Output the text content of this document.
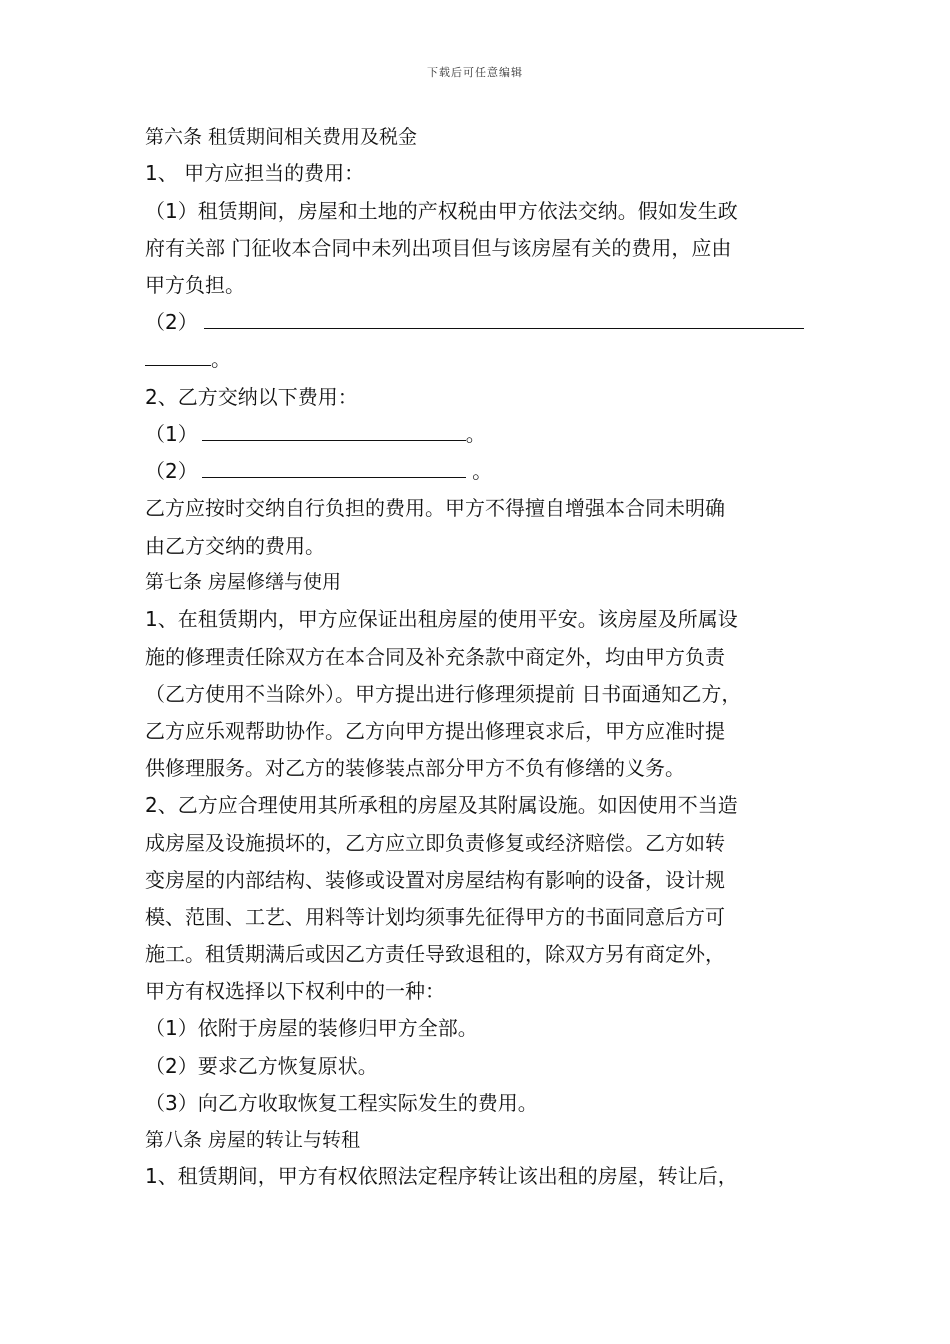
下载后可任意编辑
第六条 租赁期间相关费用及税金
1、 甲方应担当的费用：
（1）租赁期间，房屋和土地的产权税由甲方依法交纳。假如发生政
府有关部 门征收本合同中未列出项目但与该房屋有关的费用，应由
甲方负担。
（2）
。
2、乙方交纳以下费用：
（1）	。
（2）	。
乙方应按时交纳自行负担的费用。甲方不得擅自增强本合同未明确
由乙方交纳的费用。
第七条 房屋修缮与使用
1、在租赁期内，甲方应保证出租房屋的使用平安。该房屋及所属设
施的修理责任除双方在本合同及补充条款中商定外，均由甲方负责
（乙方使用不当除外）。甲方提出进行修理须提前 日书面通知乙方，
乙方应乐观帮助协作。乙方向甲方提出修理哀求后，甲方应准时提
供修理服务。对乙方的装修装点部分甲方不负有修缮的义务。
2、乙方应合理使用其所承租的房屋及其附属设施。如因使用不当造
成房屋及设施损坏的，乙方应立即负责修复或经济赔偿。乙方如转
变房屋的内部结构、装修或设置对房屋结构有影响的设备，设计规
模、范围、工艺、用料等计划均须事先征得甲方的书面同意后方可
施工。租赁期满后或因乙方责任导致退租的，除双方另有商定外，
甲方有权选择以下权利中的一种：
（1）依附于房屋的装修归甲方全部。
（2）要求乙方恢复原状。
（3）向乙方收取恢复工程实际发生的费用。
第八条 房屋的转让与转租
1、租赁期间，甲方有权依照法定程序转让该出租的房屋，转让后，
